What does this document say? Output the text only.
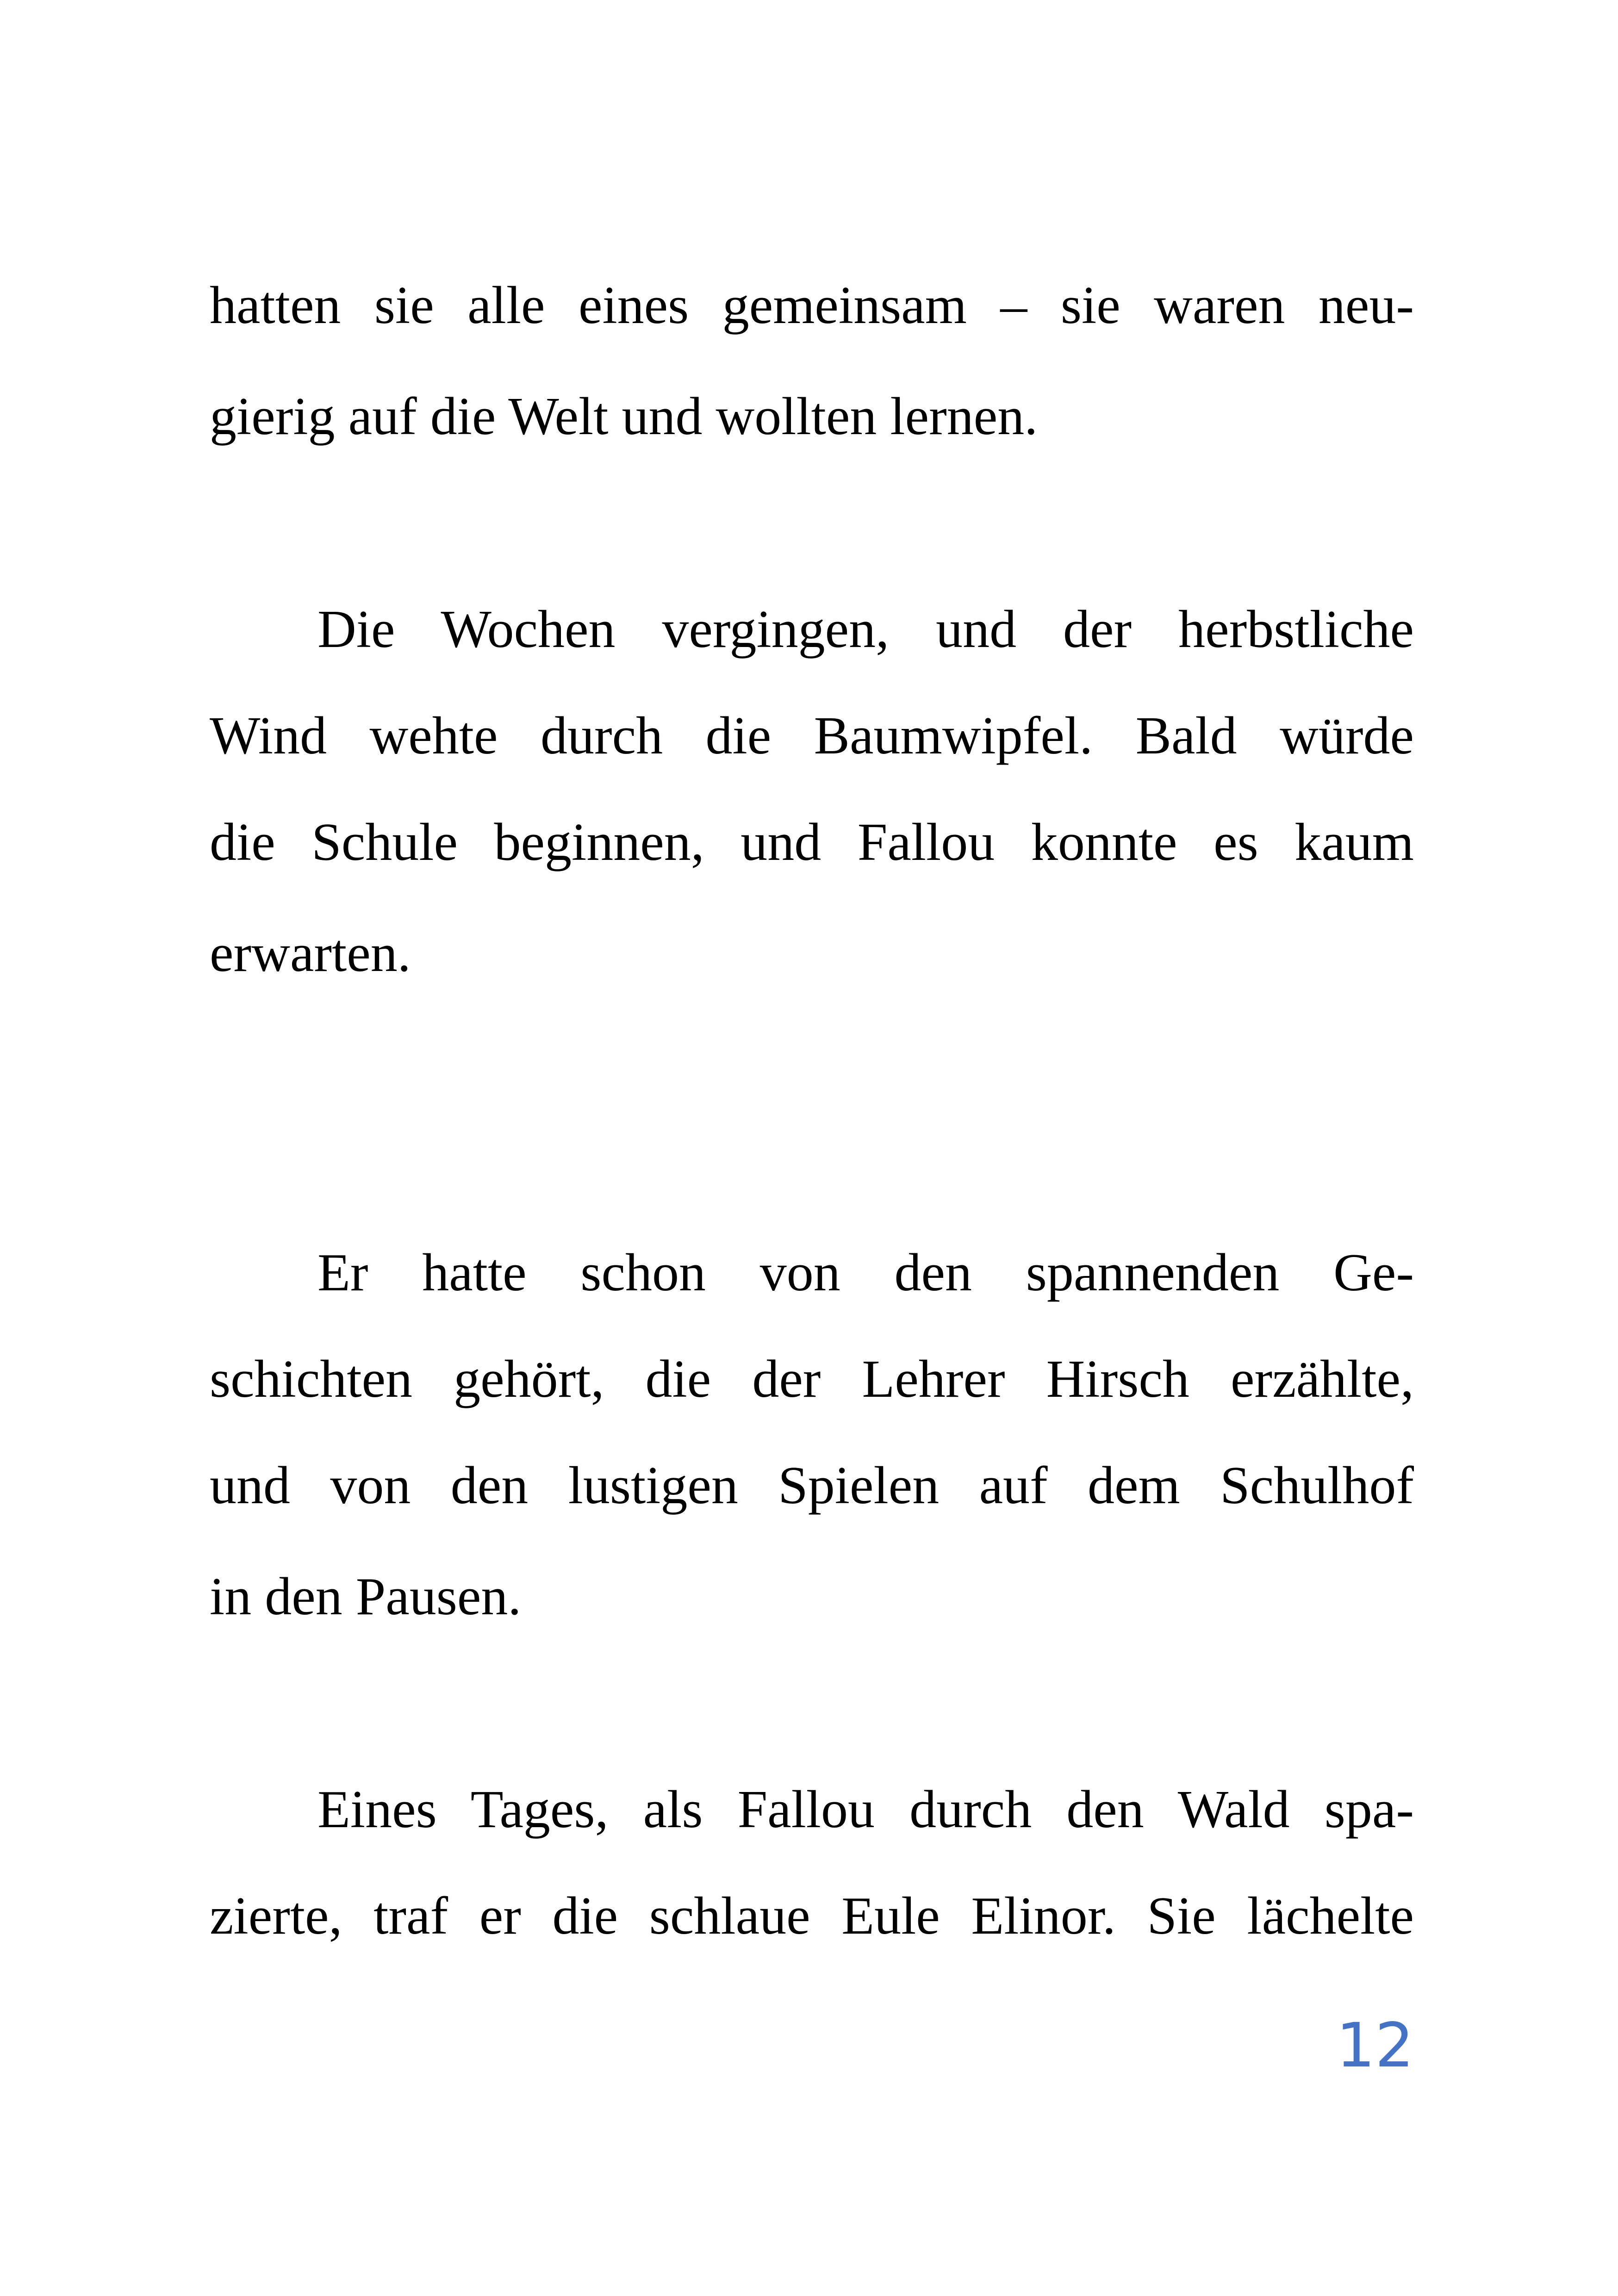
hatten sie alle eines gemeinsam – sie waren neu-
gierig auf die Welt und wollten lernen.
Die Wochen vergingen, und der herbstliche
Wind wehte durch die Baumwipfel. Bald würde
die Schule beginnen, und Fallou konnte es kaum
erwarten.
Er hatte schon von den spannenden Ge-
schichten gehört, die der Lehrer Hirsch erzählte,
und von den lustigen Spielen auf dem Schulhof
in den Pausen.
Eines Tages, als Fallou durch den Wald spa-
zierte, traf er die schlaue Eule Elinor. Sie lächelte
12
